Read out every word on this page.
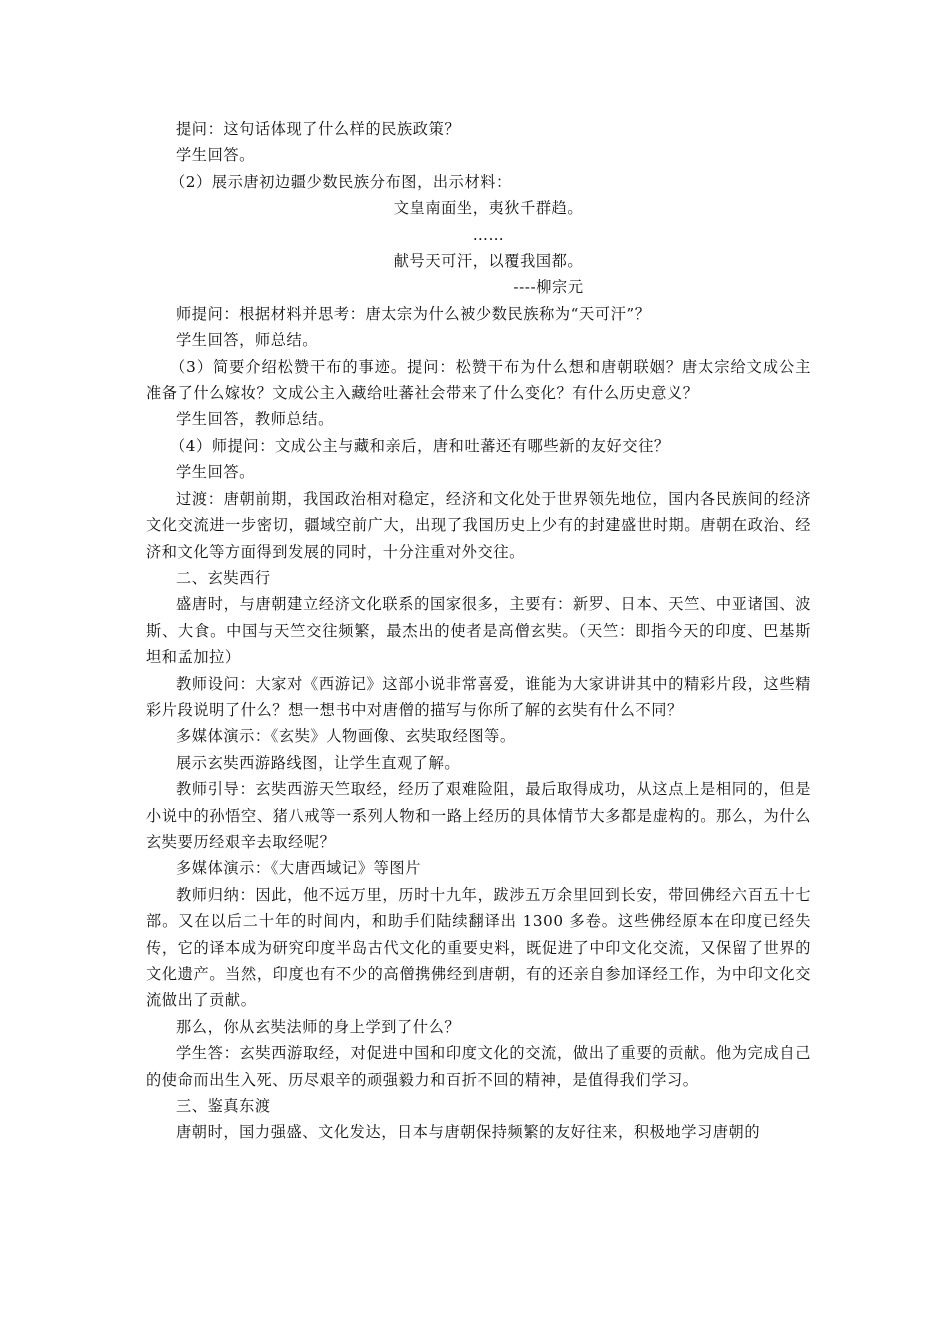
提问：这句话体现了什么样的民族政策？

学生回答。

（2）展示唐初边疆少数民族分布图，出示材料：

文皇南面坐，夷狄千群趋。

……

献号天可汗，以覆我国都。

----柳宗元

师提问：根据材料并思考：唐太宗为什么被少数民族称为“天可汗”？

学生回答，师总结。

（3）简要介绍松赞干布的事迹。提问：松赞干布为什么想和唐朝联姻？唐太宗给文成公主准备了什么嫁妆？文成公主入藏给吐蕃社会带来了什么变化？有什么历史意义？

学生回答，教师总结。

（4）师提问：文成公主与藏和亲后，唐和吐蕃还有哪些新的友好交往？

学生回答。

过渡：唐朝前期，我国政治相对稳定，经济和文化处于世界领先地位，国内各民族间的经济文化交流进一步密切，疆域空前广大，出现了我国历史上少有的封建盛世时期。唐朝在政治、经济和文化等方面得到发展的同时，十分注重对外交往。

二、玄奘西行

盛唐时，与唐朝建立经济文化联系的国家很多，主要有：新罗、日本、天竺、中亚诸国、波斯、大食。中国与天竺交往频繁，最杰出的使者是高僧玄奘。（天竺：即指今天的印度、巴基斯坦和孟加拉）

教师设问：大家对《西游记》这部小说非常喜爱，谁能为大家讲讲其中的精彩片段，这些精彩片段说明了什么？想一想书中对唐僧的描写与你所了解的玄奘有什么不同？

多媒体演示：《玄奘》人物画像、玄奘取经图等。

展示玄奘西游路线图，让学生直观了解。

教师引导：玄奘西游天竺取经，经历了艰难险阻，最后取得成功，从这点上是相同的，但是小说中的孙悟空、猪八戒等一系列人物和一路上经历的具体情节大多都是虚构的。那么，为什么玄奘要历经艰辛去取经呢？

多媒体演示：《大唐西域记》等图片

教师归纳：因此，他不远万里，历时十九年，跋涉五万余里回到长安，带回佛经六百五十七部。又在以后二十年的时间内，和助手们陆续翻译出 1300 多卷。这些佛经原本在印度已经失传，它的译本成为研究印度半岛古代文化的重要史料，既促进了中印文化交流，又保留了世界的文化遗产。当然，印度也有不少的高僧携佛经到唐朝，有的还亲自参加译经工作，为中印文化交流做出了贡献。

那么，你从玄奘法师的身上学到了什么？

学生答：玄奘西游取经，对促进中国和印度文化的交流，做出了重要的贡献。他为完成自己的使命而出生入死、历尽艰辛的顽强毅力和百折不回的精神，是值得我们学习。

三、鉴真东渡

唐朝时，国力强盛、文化发达，日本与唐朝保持频繁的友好往来，积极地学习唐朝的
